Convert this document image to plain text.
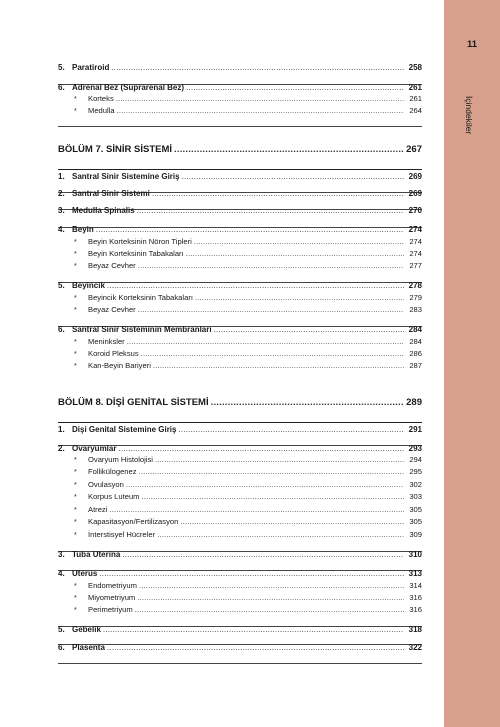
11
İçindekiler
5. Paratiroid .....	258
6. Adrenal Bez (Suprarenal Bez) .....	261
*	Korteks .....	261
*	Medulla .....	264
BÖLÜM 7. SİNİR SİSTEMİ .....	267
1. Santral Sinir Sistemine Giriş .....	269
2. Santral Sinir Sistemi .....	269
3. Medulla Spinalis .....	270
4. Beyin .....	274
*	Beyin Korteksinin Nöron Tipleri .....	274
*	Beyin Korteksinin Tabakaları .....	274
*	Beyaz Cevher .....	277
5. Beyincik .....	278
*	Beyincik Korteksinin Tabakaları .....	279
*	Beyaz Cevher .....	283
6. Santral Sinir Sisteminin Membranları .....	284
*	Meninksler .....	284
*	Koroid Pleksus .....	286
*	Kan-Beyin Bariyeri .....	287
BÖLÜM 8. DİŞİ GENİTAL SİSTEMİ .....	289
1. Dişi Genital Sistemine Giriş .....	291
2. Ovaryumlar .....	293
*	Ovaryum Histolojisi .....	294
*	Follikülogenez .....	295
*	Ovulasyon .....	302
*	Korpus Luteum .....	303
*	Atrezi .....	305
*	Kapasitasyon/Fertilizasyon .....	305
*	İnterstisyel Hücreler .....	309
3. Tuba Uterina .....	310
4. Uterus .....	313
*	Endometriyum .....	314
*	Miyometriyum .....	316
*	Perimetriyum .....	316
5. Gebelik .....	318
6. Plasenta .....	322
